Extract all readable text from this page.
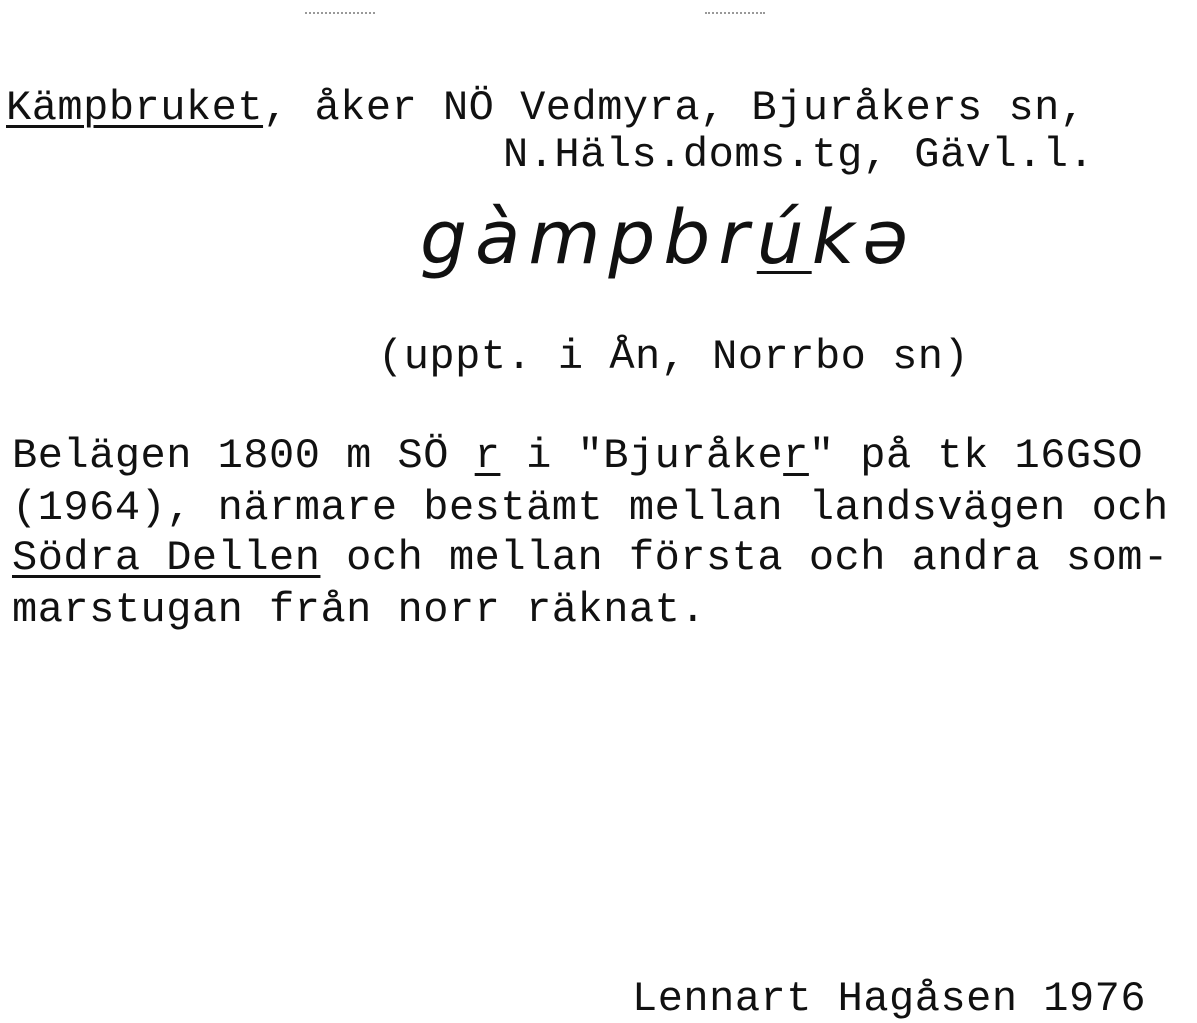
Kämpbruket, åker NÖ Vedmyra, Bjuråkers sn,
N.Häls.doms.tg, Gävl.l.
gàmpbrúkə
(uppt. i Ån, Norrbo sn)
Belägen 1800 m SÖ r i "Bjuråker" på tk 16GSO
(1964), närmare bestämt mellan landsvägen och
Södra Dellen och mellan första och andra som-
marstugan från norr räknat.
Lennart Hagåsen 1976
